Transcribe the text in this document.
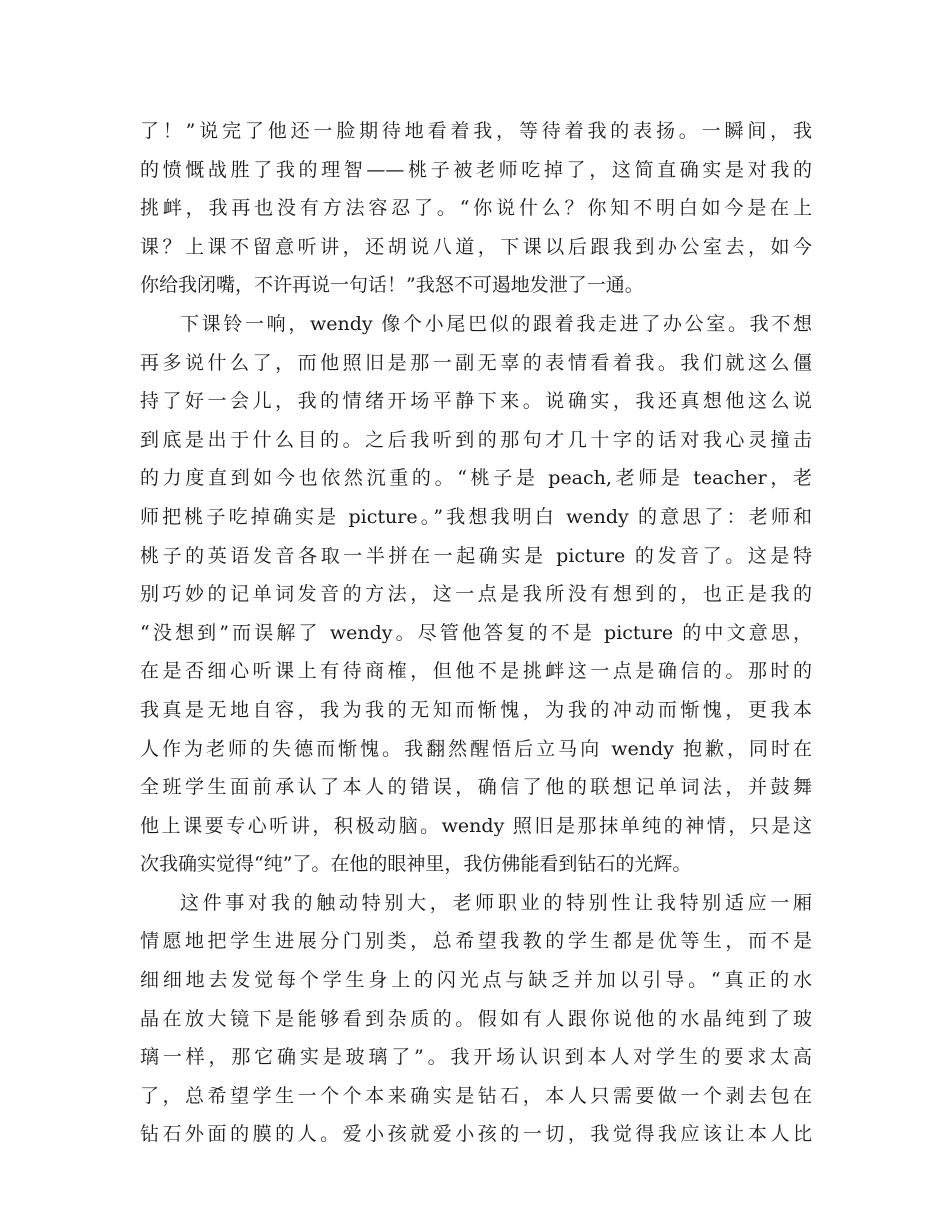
了！”说完了他还一脸期待地看着我，等待着我的表扬。一瞬间，我
的愤慨战胜了我的理智——桃子被老师吃掉了，这简直确实是对我的
挑衅，我再也没有方法容忍了。“你说什么？你知不明白如今是在上
课？上课不留意听讲，还胡说八道，下课以后跟我到办公室去，如今
你给我闭嘴，不许再说一句话！”我怒不可遏地发泄了一通。
下课铃一响，wendy 像个小尾巴似的跟着我走进了办公室。我不想
再多说什么了，而他照旧是那一副无辜的表情看着我。我们就这么僵
持了好一会儿，我的情绪开场平静下来。说确实，我还真想他这么说
到底是出于什么目的。之后我听到的那句才几十字的话对我心灵撞击
的力度直到如今也依然沉重的。“桃子是 peach,老师是 teacher，老
师把桃子吃掉确实是 picture。”我想我明白 wendy 的意思了：老师和
桃子的英语发音各取一半拼在一起确实是 picture 的发音了。这是特
别巧妙的记单词发音的方法，这一点是我所没有想到的，也正是我的
“没想到”而误解了 wendy。尽管他答复的不是 picture 的中文意思，
在是否细心听课上有待商榷，但他不是挑衅这一点是确信的。那时的
我真是无地自容，我为我的无知而惭愧，为我的冲动而惭愧，更我本
人作为老师的失德而惭愧。我翻然醒悟后立马向 wendy 抱歉，同时在
全班学生面前承认了本人的错误，确信了他的联想记单词法，并鼓舞
他上课要专心听讲，积极动脑。wendy 照旧是那抹单纯的神情，只是这
次我确实觉得“纯”了。在他的眼神里，我仿佛能看到钻石的光辉。
这件事对我的触动特别大，老师职业的特别性让我特别适应一厢
情愿地把学生进展分门别类，总希望我教的学生都是优等生，而不是
细细地去发觉每个学生身上的闪光点与缺乏并加以引导。“真正的水
晶在放大镜下是能够看到杂质的。假如有人跟你说他的水晶纯到了玻
璃一样，那它确实是玻璃了”。我开场认识到本人对学生的要求太高
了，总希望学生一个个本来确实是钻石，本人只需要做一个剥去包在
钻石外面的膜的人。爱小孩就爱小孩的一切，我觉得我应该让本人比
